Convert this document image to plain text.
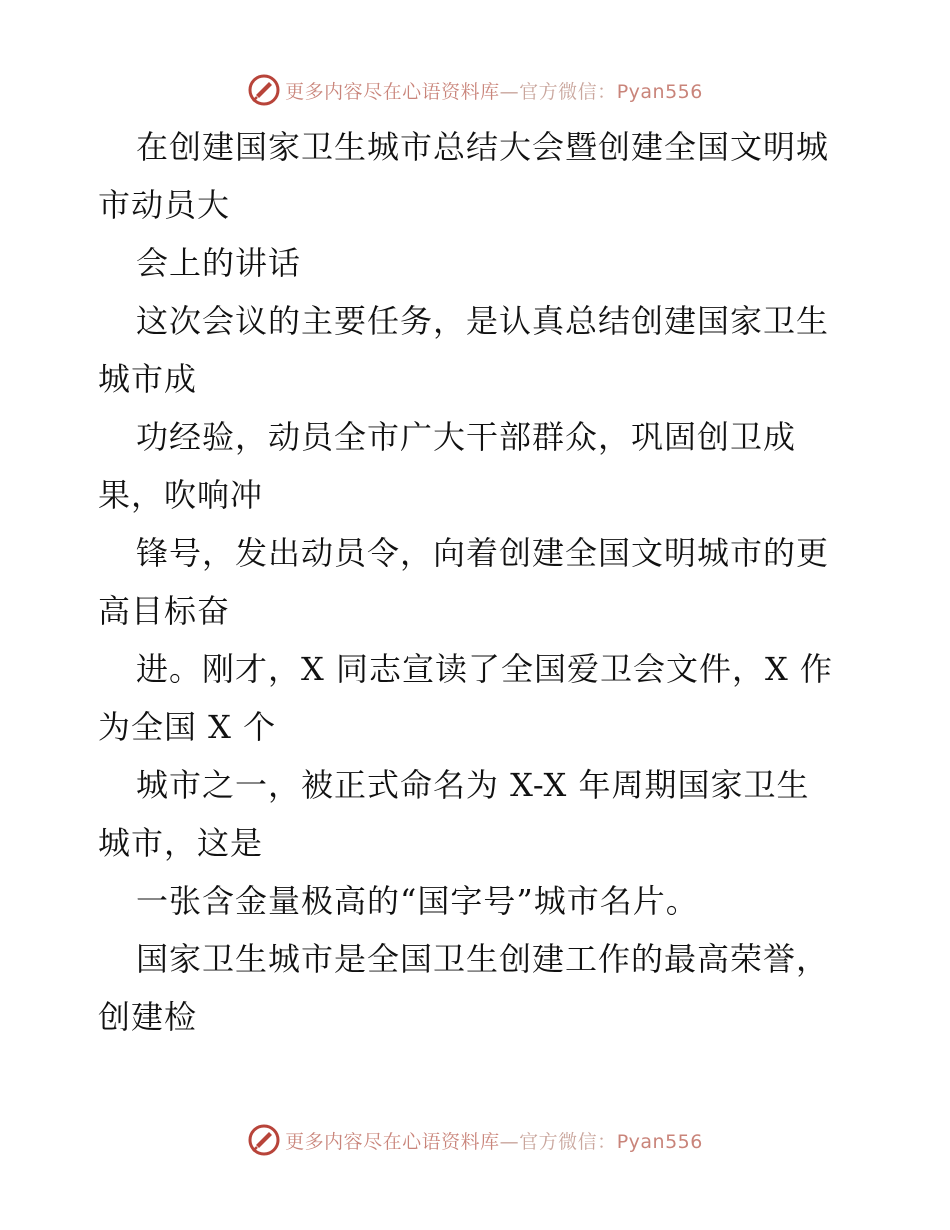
更多内容尽在心语资料库—官方微信：Pyan556

在创建国家卫生城市总结大会暨创建全国文明城

市动员大

会上的讲话

这次会议的主要任务，是认真总结创建国家卫生

城市成

功经验，动员全市广大干部群众，巩固创卫成

果，吹响冲

锋号，发出动员令，向着创建全国文明城市的更

高目标奋

进。刚才，X 同志宣读了全国爱卫会文件，X 作

为全国 X 个

城市之一，被正式命名为 X-X 年周期国家卫生

城市，这是

一张含金量极高的“国字号”城市名片。

国家卫生城市是全国卫生创建工作的最高荣誉，

创建检

更多内容尽在心语资料库—官方微信：Pyan556
